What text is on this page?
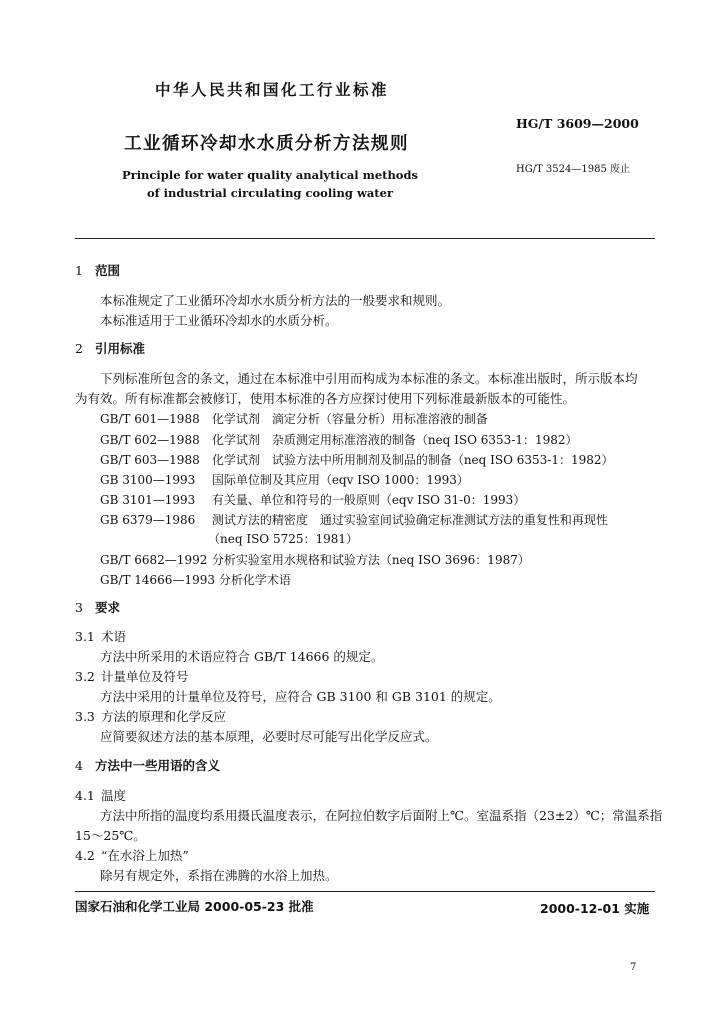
中华人民共和国化工行业标准
HG/T 3609—2000
工业循环冷却水水质分析方法规则
HG/T 3524—1985 废止
Principle for water quality analytical methods
of industrial circulating cooling water
1 范围
本标准规定了工业循环冷却水水质分析方法的一般要求和规则。
本标准适用于工业循环冷却水的水质分析。
2 引用标准
下列标准所包含的条文，通过在本标准中引用而构成为本标准的条文。本标准出版时，所示版本均
为有效。所有标准都会被修订，使用本标准的各方应探讨使用下列标准最新版本的可能性。
GB/T 601—1988 化学试剂　滴定分析（容量分析）用标准溶液的制备
GB/T 602—1988 化学试剂　杂质测定用标准溶液的制备（neq ISO 6353-1：1982）
GB/T 603—1988 化学试剂　试验方法中所用制剂及制品的制备（neq ISO 6353-1：1982）
GB 3100—1993 国际单位制及其应用（eqv ISO 1000：1993）
GB 3101—1993 有关量、单位和符号的一般原则（eqv ISO 31-0：1993）
GB 6379—1986 测试方法的精密度　通过实验室间试验确定标准测试方法的重复性和再现性
（neq ISO 5725：1981）
GB/T 6682—1992 分析实验室用水规格和试验方法（neq ISO 3696：1987）
GB/T 14666—1993 分析化学术语
3 要求
3.1 术语
方法中所采用的术语应符合 GB/T 14666 的规定。
3.2 计量单位及符号
方法中采用的计量单位及符号，应符合 GB 3100 和 GB 3101 的规定。
3.3 方法的原理和化学反应
应简要叙述方法的基本原理，必要时尽可能写出化学反应式。
4 方法中一些用语的含义
4.1 温度
方法中所指的温度均系用摄氏温度表示，在阿拉伯数字后面附上℃。室温系指（23±2）℃；常温系指
15～25℃。
4.2 “在水浴上加热”
除另有规定外，系指在沸腾的水浴上加热。
国家石油和化学工业局 2000-05-23 批准	2000-12-01 实施
7
